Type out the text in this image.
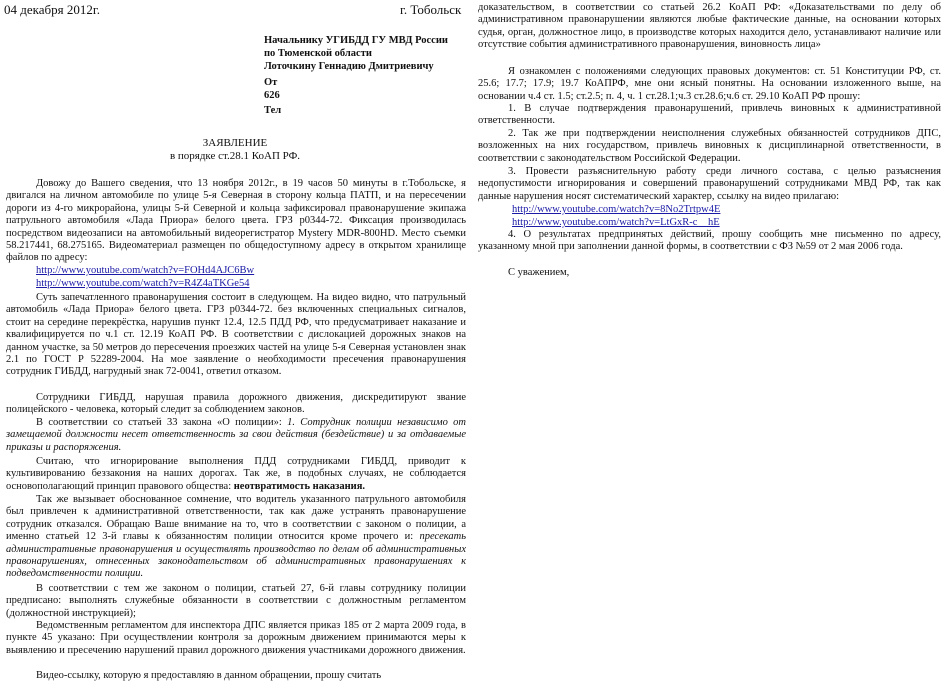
04 декабря 2012г.	г. Тобольск
Начальнику УГИБДД ГУ МВД России
по Тюменской области
Лоточкину Геннадию Дмитриевичу
От
626
Тел
ЗАЯВЛЕНИЕ
в порядке ст.28.1 КоАП РФ.

Довожу до Вашего сведения, что 13 ноября 2012г., в 19 часов 50 минуты в г.Тобольске, я двигался на личном автомобиле по улице 5-я Северная в сторону кольца ПАТП, и на пересечении дороги из 4-го микрорайона, улицы 5-й Северной и кольца зафиксировал правонарушение экипажа патрульного автомобиля «Лада Приора» белого цвета. ГРЗ р0344-72. Фиксация производилась посредством видеозаписи на автомобильный видеорегистратор Mystery MDR-800HD. Место съемки 58.217441, 68.275165. Видеоматериал размещен по общедоступному адресу в открытом хранилище файлов по адресу:

http://www.youtube.com/watch?v=FOHd4AJC6Bw
http://www.youtube.com/watch?v=R4Z4aTKGe54

Суть запечатленного правонарушения состоит в следующем. На видео видно, что патрульный автомобиль «Лада Приора» белого цвета. ГРЗ р0344-72. без включенных специальных сигналов, стоит на середине перекрёстка, нарушив пункт 12.4, 12.5 ПДД РФ, что предусматривает наказание и квалифицируется по ч.1 ст. 12.19 КоАП РФ. В соответствии с дислокацией дорожных знаков на данном участке, за 50 метров до пересечения проезжих частей на улице 5-я Северная установлен знак 2.1 по ГОСТ Р 52289-2004. На мое заявление о необходимости пресечения правонарушения сотрудник ГИБДД, нагрудный знак 72-0041, ответил отказом.

Сотрудники ГИБДД, нарушая правила дорожного движения, дискредитируют звание полицейского - человека, который следит за соблюдением законов.

В соответствии со статьей 33 закона «О полиции»: 1. Сотрудник полиции независимо от замещаемой должности несет ответственность за свои действия (бездействие) и за отдаваемые приказы и распоряжения.

Считаю, что игнорирование выполнения ПДД сотрудниками ГИБДД, приводит к культивированию беззакония на наших дорогах. Так же, в подобных случаях, не соблюдается основополагающий принцип правового общества: неотвратимость наказания.

Так же вызывает обоснованное сомнение, что водитель указанного патрульного автомобиля был привлечен к административной ответственности, так как даже устранять правонарушение сотрудник отказался. Обращаю Ваше внимание на то, что в соответствии с законом о полиции, а именно статьей 12 3-й главы к обязанностям полиции относится кроме прочего и: пресекать административные правонарушения и осуществлять производство по делам об административных правонарушениях, отнесенных законодательством об административных правонарушениях к подведомственности полиции.

В соответствии с тем же законом о полиции, статьей 27, 6-й главы сотруднику полиции предписано: выполнять служебные обязанности в соответствии с должностным регламентом (должностной инструкцией);

Ведомственным регламентом для инспектора ДПС является приказ 185 от 2 марта 2009 года, в пункте 45 указано: При осуществлении контроля за дорожным движением принимаются меры к выявлению и пресечению нарушений правил дорожного движения участниками дорожного движения.

Видео-ссылку, которую я предоставляю в данном обращении, прошу считать

доказательством, в соответствии со статьей 26.2 КоАП РФ: «Доказательствами по делу об административном правонарушении являются любые фактические данные, на основании которых судья, орган, должностное лицо, в производстве которых находится дело, устанавливают наличие или отсутствие события административного правонарушения, виновность лица»

Я ознакомлен с положениями следующих правовых документов: ст. 51 Конституции РФ, ст. 25.6; 17.7; 17.9; 19.7 КоАПРФ, мне они ясный понятны. На основании изложенного выше, на основании ч.4 ст. 1.5; ст.2.5; п. 4, ч. 1 ст.28.1;ч.3 ст.28.6;ч.6 ст. 29.10 КоАП РФ прошу:

1. В случае подтверждения правонарушений, привлечь виновных к административной ответственности.

2. Так же при подтверждении неисполнения служебных обязанностей сотрудников ДПС, возложенных на них государством, привлечь виновных к дисциплинарной ответственности, в соответствии с законодательством Российской Федерации.

3. Провести разъяснительную работу среди личного состава, с целью разъяснения недопустимости игнорирования и совершений правонарушений сотрудниками МВД РФ, так как данные нарушения носят систематический характер, ссылку на видео прилагаю:

http://www.youtube.com/watch?v=8No2Trtpw4E
http://www.youtube.com/watch?v=LtGxR-c__hE

4. О результатах предпринятых действий, прошу сообщить мне письменно по адресу, указанному мной при заполнении данной формы, в соответствии с ФЗ №59 от 2 мая 2006 года.

С уважением,
